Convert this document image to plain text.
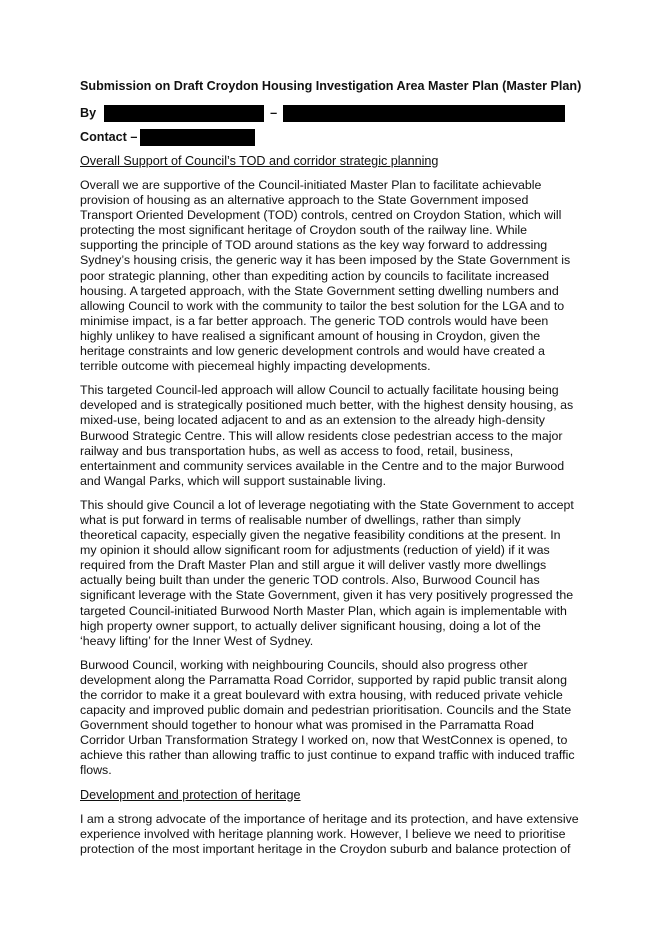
Submission on Draft Croydon Housing Investigation Area Master Plan (Master Plan)
By	–
Contact –
Overall Support of Council’s TOD and corridor strategic planning

Overall we are supportive of the Council-initiated Master Plan to facilitate achievable provision of housing as an alternative approach to the State Government imposed Transport Oriented Development (TOD) controls, centred on Croydon Station, which will protecting the most significant heritage of Croydon south of the railway line. While supporting the principle of TOD around stations as the key way forward to addressing Sydney’s housing crisis, the generic way it has been imposed by the State Government is poor strategic planning, other than expediting action by councils to facilitate increased housing. A targeted approach, with the State Government setting dwelling numbers and allowing Council to work with the community to tailor the best solution for the LGA and to minimise impact, is a far better approach. The generic TOD controls would have been highly unlikey to have realised a significant amount of housing in Croydon, given the heritage constraints and low generic development controls and would have created a terrible outcome with piecemeal highly impacting developments.

This targeted Council-led approach will allow Council to actually facilitate housing being developed and is strategically positioned much better, with the highest density housing, as mixed-use, being located adjacent to and as an extension to the already high-density Burwood Strategic Centre. This will allow residents close pedestrian access to the major railway and bus transportation hubs, as well as access to food, retail, business, entertainment and community services available in the Centre and to the major Burwood and Wangal Parks, which will support sustainable living.

This should give Council a lot of leverage negotiating with the State Government to accept what is put forward in terms of realisable number of dwellings, rather than simply theoretical capacity, especially given the negative feasibility conditions at the present. In my opinion it should allow significant room for adjustments (reduction of yield) if it was required from the Draft Master Plan and still argue it will deliver vastly more dwellings actually being built than under the generic TOD controls. Also, Burwood Council has significant leverage with the State Government, given it has very positively progressed the targeted Council-initiated Burwood North Master Plan, which again is implementable with high property owner support, to actually deliver significant housing, doing a lot of the ‘heavy lifting’ for the Inner West of Sydney.

Burwood Council, working with neighbouring Councils, should also progress other development along the Parramatta Road Corridor, supported by rapid public transit along the corridor to make it a great boulevard with extra housing, with reduced private vehicle capacity and improved public domain and pedestrian prioritisation. Councils and the State Government should together to honour what was promised in the Parramatta Road Corridor Urban Transformation Strategy I worked on, now that WestConnex is opened, to achieve this rather than allowing traffic to just continue to expand traffic with induced traffic flows.

Development and protection of heritage

I am a strong advocate of the importance of heritage and its protection, and have extensive experience involved with heritage planning work. However, I believe we need to prioritise protection of the most important heritage in the Croydon suburb and balance protection of
